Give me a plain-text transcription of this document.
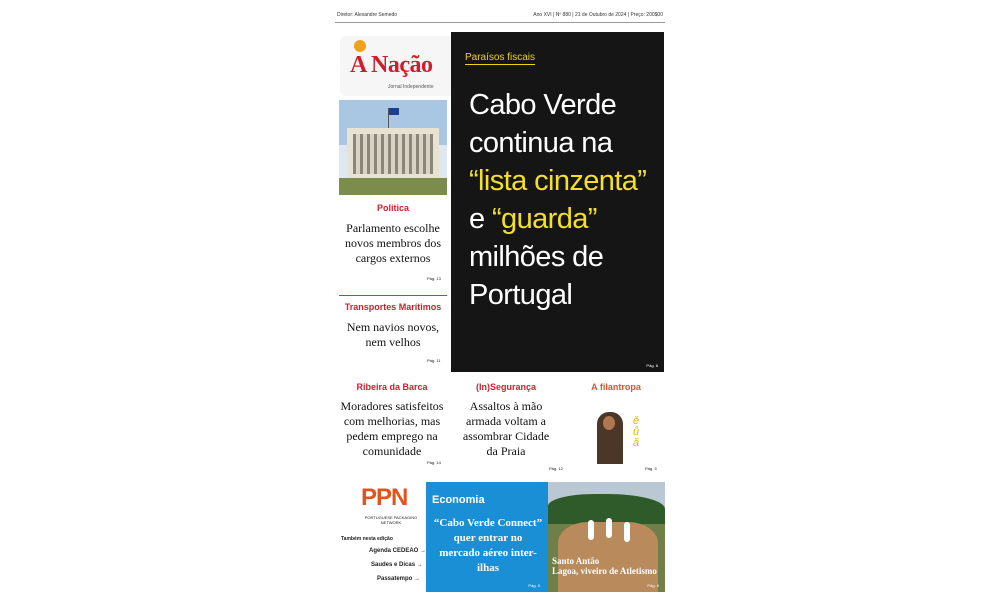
Diretor: Alexandre Semedo	Ano XVI | Nº 880 | 21 de Outubro de 2024 | Preço: 200$00
A Nação
Jornal Independente
Paraísos fiscais
Cabo Verde
continua na
“lista cinzenta”
e “guarda”
milhões de
Portugal
Pág. 8
Política
Parlamento escolhe novos membros dos cargos externos
Pág. 13
Transportes Marítimos
Nem navios novos, nem velhos
Pág. 11
Ribeira da Barca
Moradores satisfeitos com melhorias, mas pedem emprego na comunidade
Pág. 14
(In)Segurança
Assaltos à mão armada voltam a assombrar Cidade da Praia
Pág. 12
A filantropa
ě
ů
ă
Pág. 3
PPN
PORTUGUESE PACKAGING NETWORK
Também nesta edição
Agenda CEDEAO →
Saudes e Dicas →
Passatempo →
Economia
“Cabo Verde Connect” quer entrar no mercado aéreo inter-ilhas
Pág. 5
Santo Antão
Lagoa, viveiro de Atletismo
Pág. 6
